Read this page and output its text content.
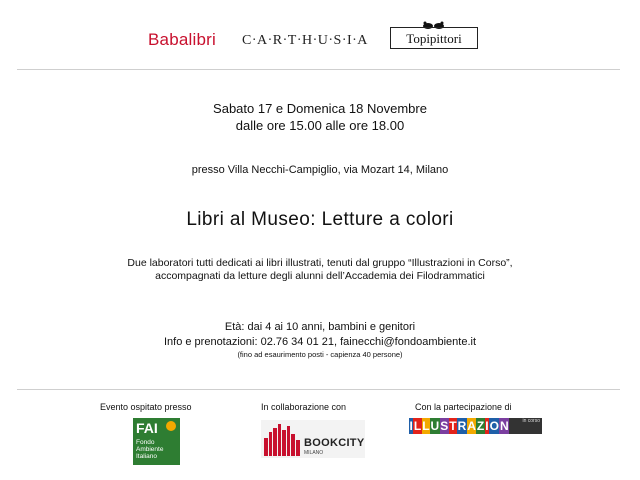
Babalibri C·A·R·T·H·U·S·I·A	Topipittori
Sabato 17 e Domenica 18 Novembre
dalle ore 15.00 alle ore 18.00
presso Villa Necchi-Campiglio, via Mozart 14, Milano
Libri al Museo: Letture a colori
Due laboratori tutti dedicati ai libri illustrati, tenuti dal gruppo “Illustrazioni in Corso”,
accompagnati da letture degli alunni dell’Accademia dei Filodrammatici
Età: dai 4 ai 10 anni, bambini e genitori
Info e prenotazioni: 02.76 34 01 21, fainecchi@fondoambiente.it
(fino ad esaurimento posti - capienza 40 persone)
Evento ospitato presso	In collaborazione con	Con la partecipazione di
FAI
Fondo
Ambiente
Italiano
BOOKCITY
MILANO
I L L U S T R A Z I O N	in corso
